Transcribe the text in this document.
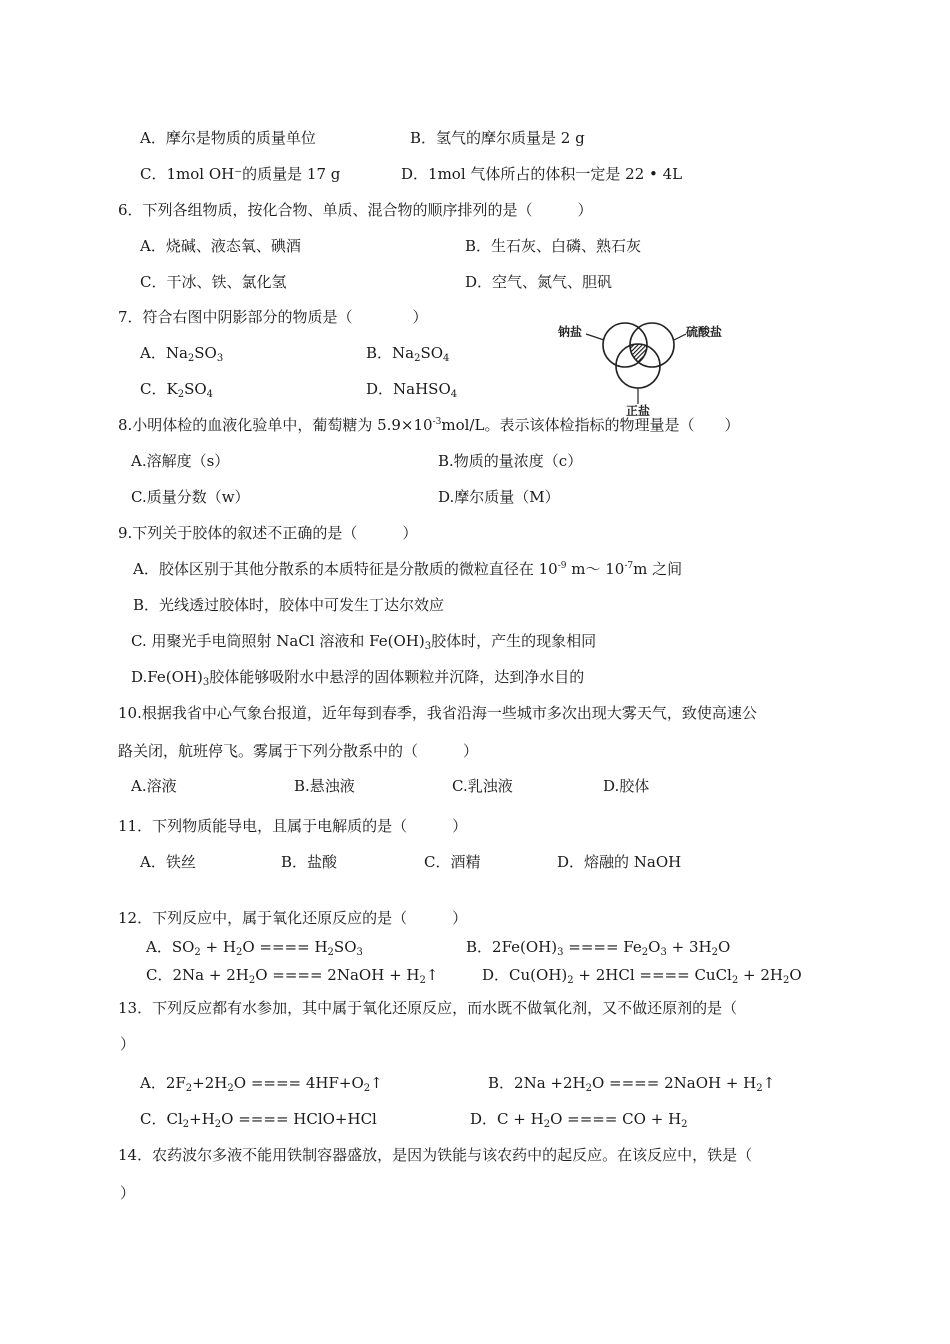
A．摩尔是物质的质量单位	B．氢气的摩尔质量是 2 g
C．1mol OH⁻的质量是 17 g	D．1mol 气体所占的体积一定是 22 • 4L
6．下列各组物质，按化合物、单质、混合物的顺序排列的是（　　　）
A．烧碱、液态氧、碘酒	B．生石灰、白磷、熟石灰
C．干冰、铁、氯化氢	D．空气、氮气、胆矾
7．符合右图中阴影部分的物质是（　　　　）
A．$Na_2SO_3$	B．$Na_2SO_4$
C．$K_2SO_4$	D．NaHSO$_4$
钠盐	硫酸盐
正盐
8.小明体检的血液化验单中，葡萄糖为 $5.9\times 10^{-3}mol/L$。表示该体检指标的物理量是（　　）
A.溶解度（s）	B.物质的量浓度（c）
C.质量分数（w）	D.摩尔质量（M）
9.下列关于胶体的叙述不正确的是（　　　）
A．胶体区别于其他分散系的本质特征是分散质的微粒直径在 $10^{-9}$ m～ $10^{-7}m$ 之间
B．光线透过胶体时，胶体中可发生丁达尔效应
C. 用聚光手电筒照射 NaCl 溶液和 $Fe(OH)_3$胶体时，产生的现象相同
$D.Fe(OH)_3$胶体能够吸附水中悬浮的固体颗粒并沉降，达到净水目的
10.根据我省中心气象台报道，近年每到春季，我省沿海一些城市多次出现大雾天气，致使高速公
路关闭，航班停飞。雾属于下列分散系中的（　　　）
A.溶液	B.悬浊液	C.乳浊液	D.胶体
11．下列物质能导电，且属于电解质的是（　　　）
A．铁丝	B．盐酸	C．酒精	D．熔融的 NaOH
12．下列反应中，属于氧化还原反应的是（　　　）
A．$SO_2 + H_2O$ ==== $H_2SO_3$	B．$2Fe(OH)_3$ ==== $Fe_2O_3 + 3H_2O$
C．$2Na + 2H_2O$ ==== 2NaOH + $H_2↑$	D．$Cu(OH)_2 + 2HCl$ ==== CuCl$_2$ + $2H_2O$
13．下列反应都有水参加，其中属于氧化还原反应，而水既不做氧化剂，又不做还原剂的是（
）
A．$2F_2+2H_2O$ ==== $4HF+O_2↑$	B．$2Na +2H_2O$ ==== 2NaOH + $H_2↑$
C．$Cl_2+H_2O$ ==== HClO+HCl	D．$C + H_2O$ ==== CO + $H_2$
14．农药波尔多液不能用铁制容器盛放，是因为铁能与该农药中的起反应。在该反应中，铁是（
）
